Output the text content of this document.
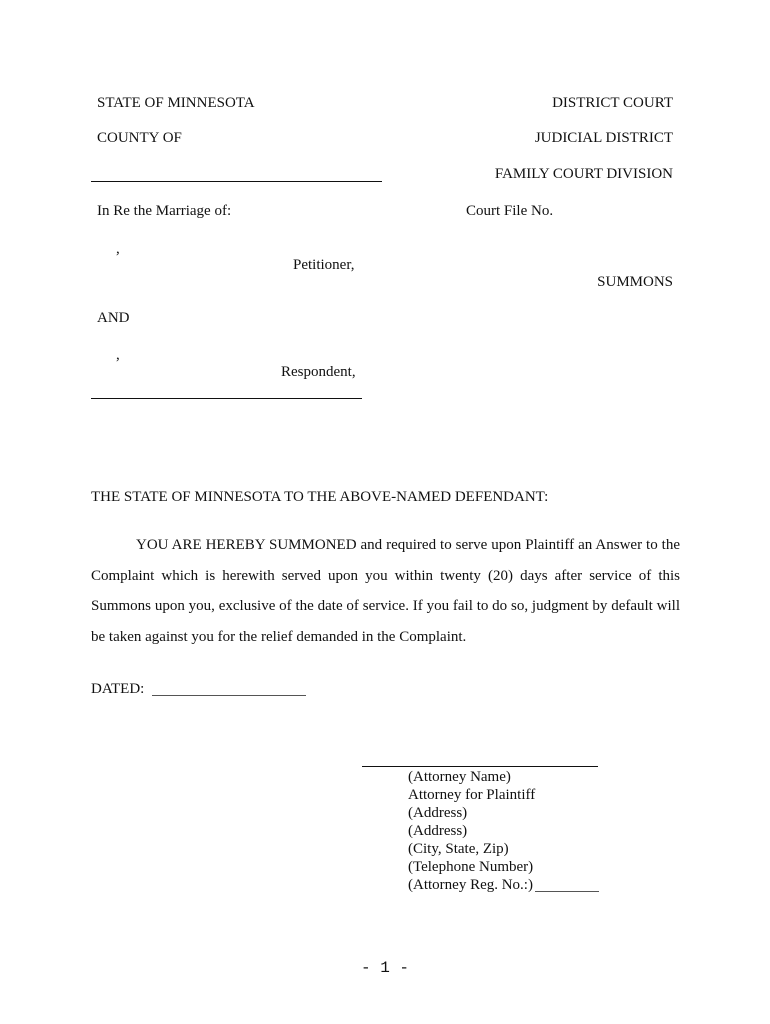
STATE OF MINNESOTA
COUNTY OF
DISTRICT COURT
JUDICIAL DISTRICT
FAMILY COURT DIVISION
In Re the Marriage of:	Court File No.
,
Petitioner,
SUMMONS
AND
,
Respondent,
THE STATE OF MINNESOTA TO THE ABOVE-NAMED DEFENDANT:
YOU ARE HEREBY SUMMONED and required to serve upon Plaintiff an Answer to the
Complaint which is herewith served upon you within twenty (20) days after service of this
Summons upon you, exclusive of the date of service. If you fail to do so, judgment by default will
be taken against you for the relief demanded in the Complaint.
DATED:
(Attorney Name)
Attorney for Plaintiff
(Address)
(Address)
(City, State, Zip)
(Telephone Number)
(Attorney Reg. No.:)
- 1 -
